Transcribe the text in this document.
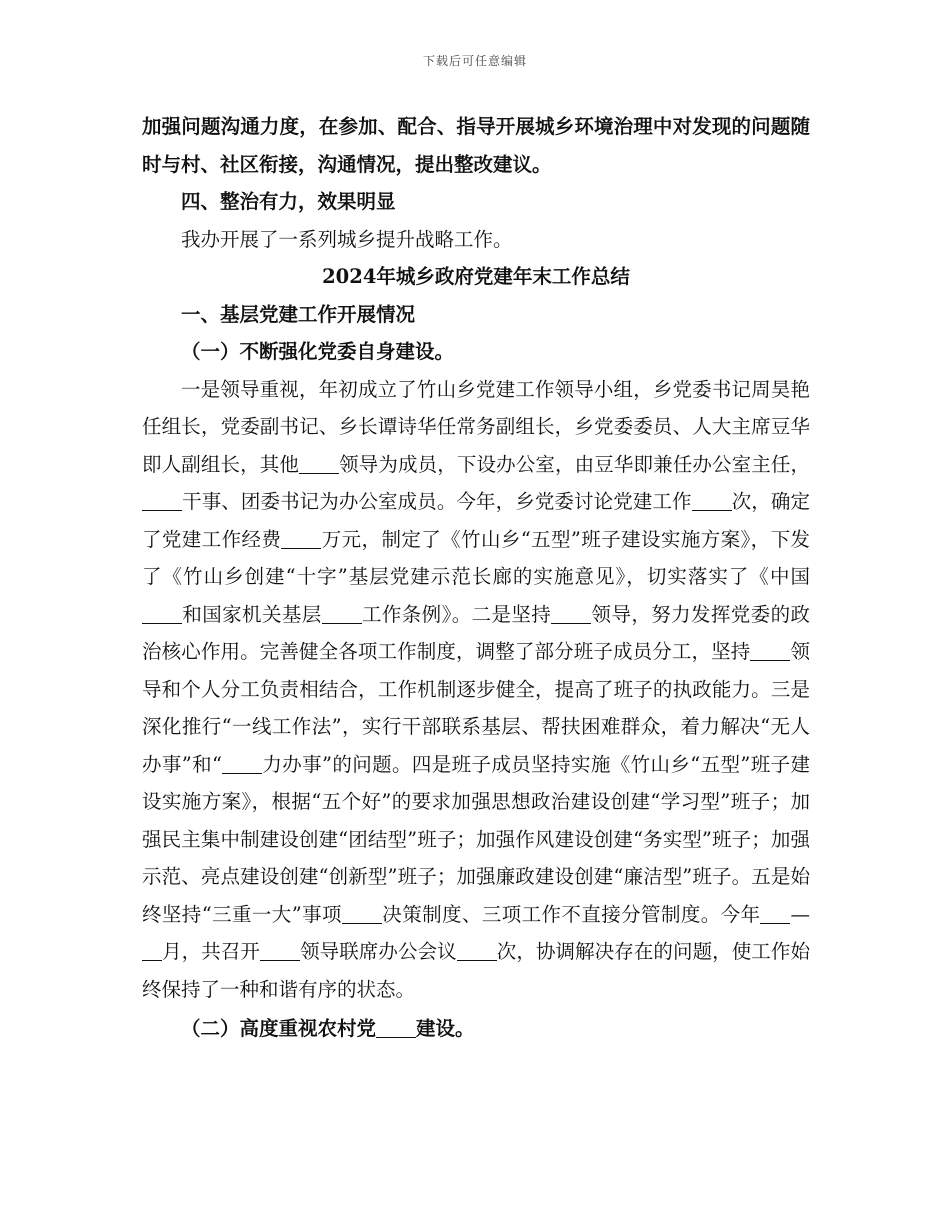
下载后可任意编辑

加强问题沟通力度，在参加、配合、指导开展城乡环境治理中对发现的问题随时与村、社区衔接，沟通情况，提出整改建议。

四、整治有力，效果明显

我办开展了一系列城乡提升战略工作。

2024年城乡政府党建年末工作总结

一、基层党建工作开展情况

（一）不断强化党委自身建设。

一是领导重视，年初成立了竹山乡党建工作领导小组，乡党委书记周昊艳任组长，党委副书记、乡长谭诗华任常务副组长，乡党委委员、人大主席豆华即人副组长，其他 领导为成员，下设办公室，由豆华即兼任办公室主任，干事、团委书记为办公室成员。今年，乡党委讨论党建工作 次，确定了党建工作经费 万元，制定了《竹山乡“五型”班子建设实施方案》，下发了《竹山乡创建“十字”基层党建示范长廊的实施意见》，切实落实了《中国和国家机关基层 工作条例》。二是坚持 领导，努力发挥党委的政治核心作用。完善健全各项工作制度，调整了部分班子成员分工，坚持 领导和个人分工负责相结合，工作机制逐步健全，提高了班子的执政能力。三是深化推行“一线工作法”，实行干部联系基层、帮扶困难群众，着力解决“无人办事”和“ 力办事”的问题。四是班子成员坚持实施《竹山乡“五型”班子建设实施方案》，根据“五个好”的要求加强思想政治建设创建“学习型”班子；加强民主集中制建设创建“团结型”班子；加强作风建设创建“务实型”班子；加强示范、亮点建设创建“创新型”班子；加强廉政建设创建“廉洁型”班子。五是始终坚持“三重一大”事项 决策制度、三项工作不直接分管制度。今年 —月，共召开 领导联席办公会议 次，协调解决存在的问题，使工作始终保持了一种和谐有序的状态。

（二）高度重视农村党 建设。
